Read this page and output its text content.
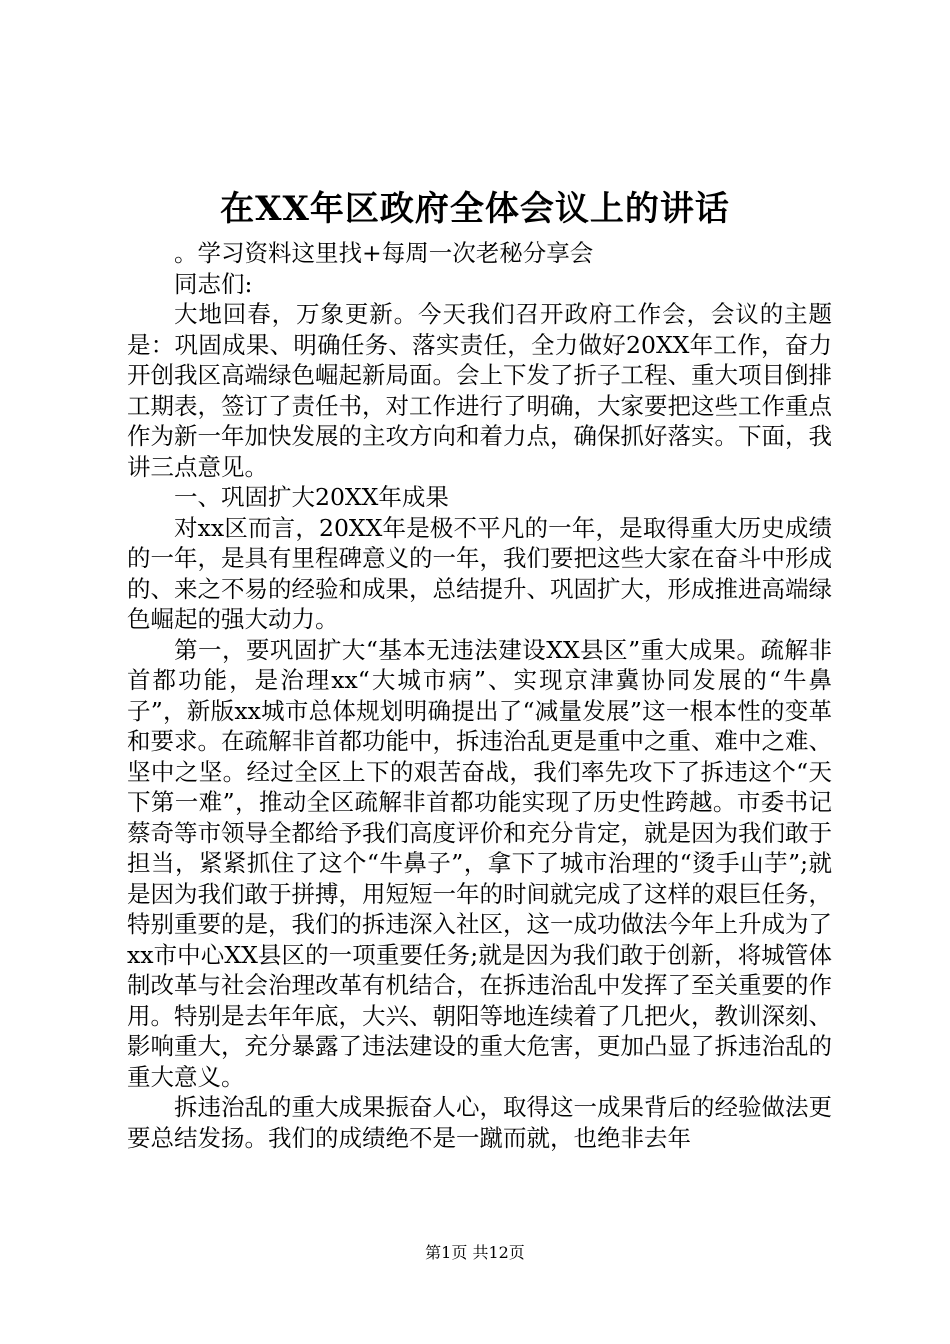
在XX年区政府全体会议上的讲话

。学习资料这里找+每周一次老秘分享会

同志们:

大地回春，万象更新。今天我们召开政府工作会，会议的主题是：巩固成果、明确任务、落实责任，全力做好20XX年工作，奋力开创我区高端绿色崛起新局面。会上下发了折子工程、重大项目倒排工期表，签订了责任书，对工作进行了明确，大家要把这些工作重点作为新一年加快发展的主攻方向和着力点，确保抓好落实。下面，我讲三点意见。

一、巩固扩大20XX年成果

对xx区而言，20XX年是极不平凡的一年，是取得重大历史成绩的一年，是具有里程碑意义的一年，我们要把这些大家在奋斗中形成的、来之不易的经验和成果，总结提升、巩固扩大，形成推进高端绿色崛起的强大动力。

第一，要巩固扩大“基本无违法建设XX县区”重大成果。疏解非首都功能，是治理xx“大城市病”、实现京津冀协同发展的“牛鼻子”，新版xx城市总体规划明确提出了“减量发展”这一根本性的变革和要求。在疏解非首都功能中，拆违治乱更是重中之重、难中之难、坚中之坚。经过全区上下的艰苦奋战，我们率先攻下了拆违这个“天下第一难”，推动全区疏解非首都功能实现了历史性跨越。市委书记蔡奇等市领导全都给予我们高度评价和充分肯定，就是因为我们敢于担当，紧紧抓住了这个“牛鼻子”，拿下了城市治理的“烫手山芋”;就是因为我们敢于拼搏，用短短一年的时间就完成了这样的艰巨任务，特别重要的是，我们的拆违深入社区，这一成功做法今年上升成为了xx市中心XX县区的一项重要任务;就是因为我们敢于创新，将城管体制改革与社会治理改革有机结合，在拆违治乱中发挥了至关重要的作用。特别是去年年底，大兴、朝阳等地连续着了几把火，教训深刻、影响重大，充分暴露了违法建设的重大危害，更加凸显了拆违治乱的重大意义。

拆违治乱的重大成果振奋人心，取得这一成果背后的经验做法更要总结发扬。我们的成绩绝不是一蹴而就，也绝非去年

第1页 共12页
